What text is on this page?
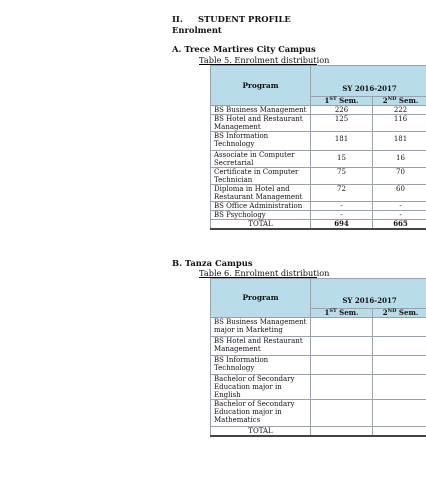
II. STUDENT PROFILE
Enrolment
A. Trece Martires City Campus
Table 5. Enrolment distribution
Program	SY 2016-2017	
	1ST Sem.	2ND Sem.
BS Business Management	226	222
BS Hotel and Restaurant Management	125	116
BS Information Technology	181	181
Associate in Computer Secretarial	15	16
Certificate in Computer Technician	75	70
Diploma in Hotel and Restaurant Management	72	60
BS Office Administration	-	-
BS Psychology	-	-
TOTAL	694	665
B. Tanza Campus
Table 6. Enrolment distribution
Program	SY 2016-2017	
	1ST Sem.	2ND Sem.
BS Business Management major in Marketing		
BS Hotel and Restaurant Management		
BS Information Technology		
Bachelor of Secondary Education major in English		
Bachelor of Secondary Education major in Mathematics		
TOTAL		
